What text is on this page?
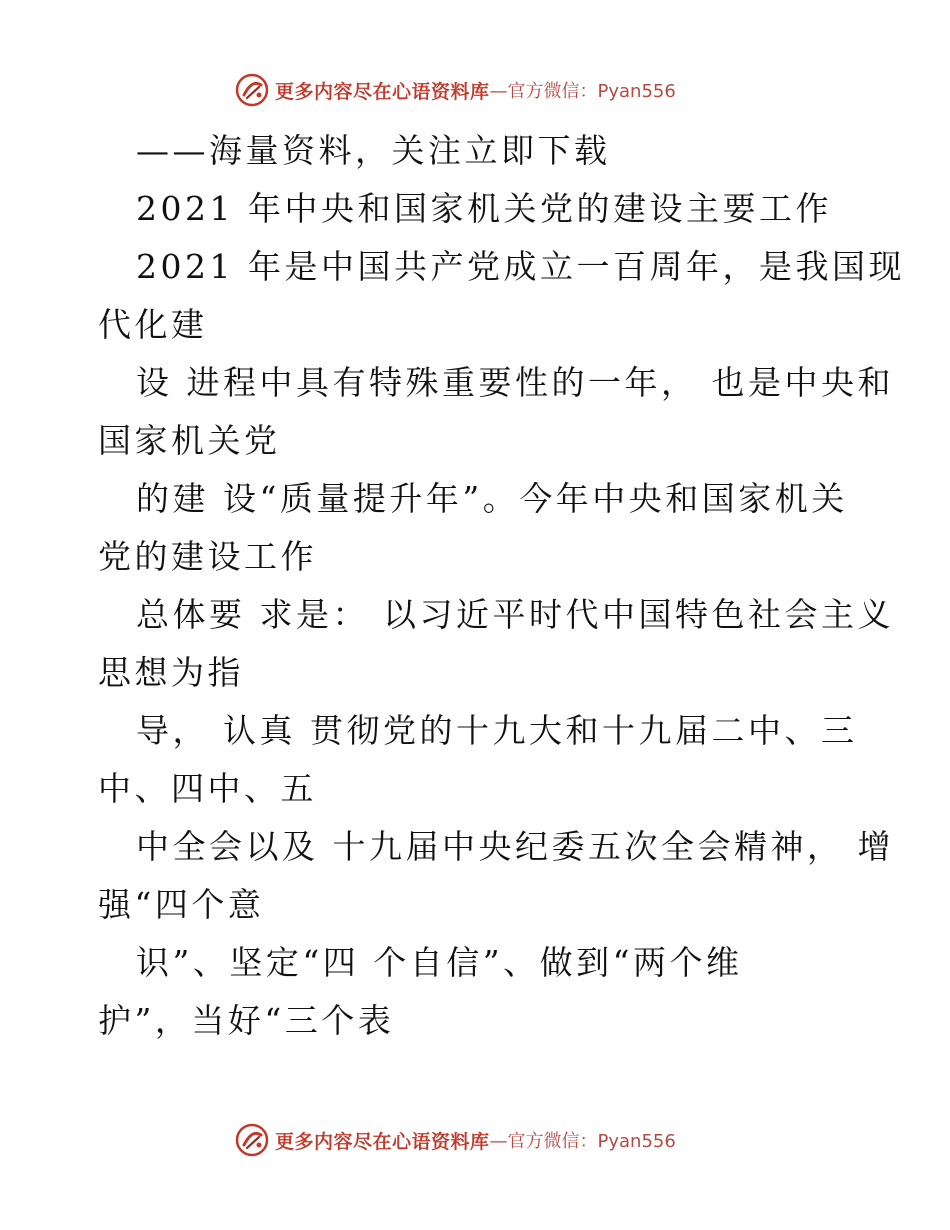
更多内容尽在心语资料库 —官方微信：Pyan556
——海量资料，关注立即下载
2021 年中央和国家机关党的建设主要工作
2021 年是中国共产党成立一百周年，是我国现
代化建
设 进程中具有特殊重要性的一年， 也是中央和
国家机关党
的建 设“质量提升年”。今年中央和国家机关
党的建设工作
总体要 求是： 以习近平时代中国特色社会主义
思想为指
导， 认真 贯彻党的十九大和十九届二中、三
中、四中、五
中全会以及 十九届中央纪委五次全会精神， 增
强“四个意
识”、坚定“四 个自信”、做到“两个维
护”，当好“三个表
更多内容尽在心语资料库 —官方微信：Pyan556
